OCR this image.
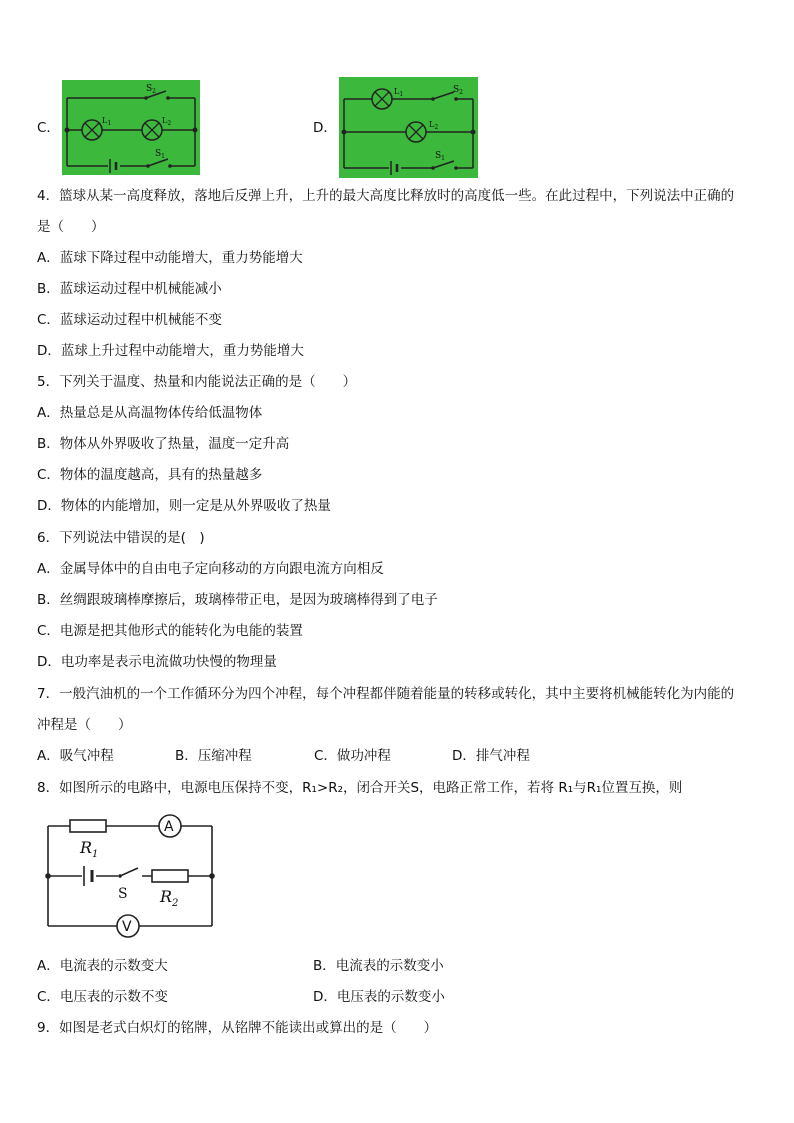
C．
$S_2$
$L_1$	$L_2$
$S_1$
D．
$L_1$	$S_2$
$L_2$
$S_1$
4．篮球从某一高度释放，落地后反弹上升，上升的最大高度比释放时的高度低一些。在此过程中，下列说法中正确的
是（　　）
A．蓝球下降过程中动能增大，重力势能增大
B．蓝球运动过程中机械能减小
C．蓝球运动过程中机械能不变
D．蓝球上升过程中动能增大，重力势能增大
5．下列关于温度、热量和内能说法正确的是（　　）
A．热量总是从高温物体传给低温物体
B．物体从外界吸收了热量，温度一定升高
C．物体的温度越高，具有的热量越多
D．物体的内能增加，则一定是从外界吸收了热量
6．下列说法中错误的是(　)
A．金属导体中的自由电子定向移动的方向跟电流方向相反
B．丝绸跟玻璃棒摩擦后，玻璃棒带正电，是因为玻璃棒得到了电子
C．电源是把其他形式的能转化为电能的装置
D．电功率是表示电流做功快慢的物理量
7．一般汽油机的一个工作循环分为四个冲程，每个冲程都伴随着能量的转移或转化，其中主要将机械能转化为内能的
冲程是（　　）
A．吸气冲程	B．压缩冲程	C．做功冲程	D．排气冲程
8．如图所示的电路中，电源电压保持不变，R₁>R₂，闭合开关S，电路正常工作，若将 R₁与R₁位置互换，则
$R_1$
A
S $R_2$
V
A．电流表的示数变大	B．电流表的示数变小
C．电压表的示数不变	D．电压表的示数变小
9．如图是老式白炽灯的铭牌，从铭牌不能读出或算出的是（　　）
